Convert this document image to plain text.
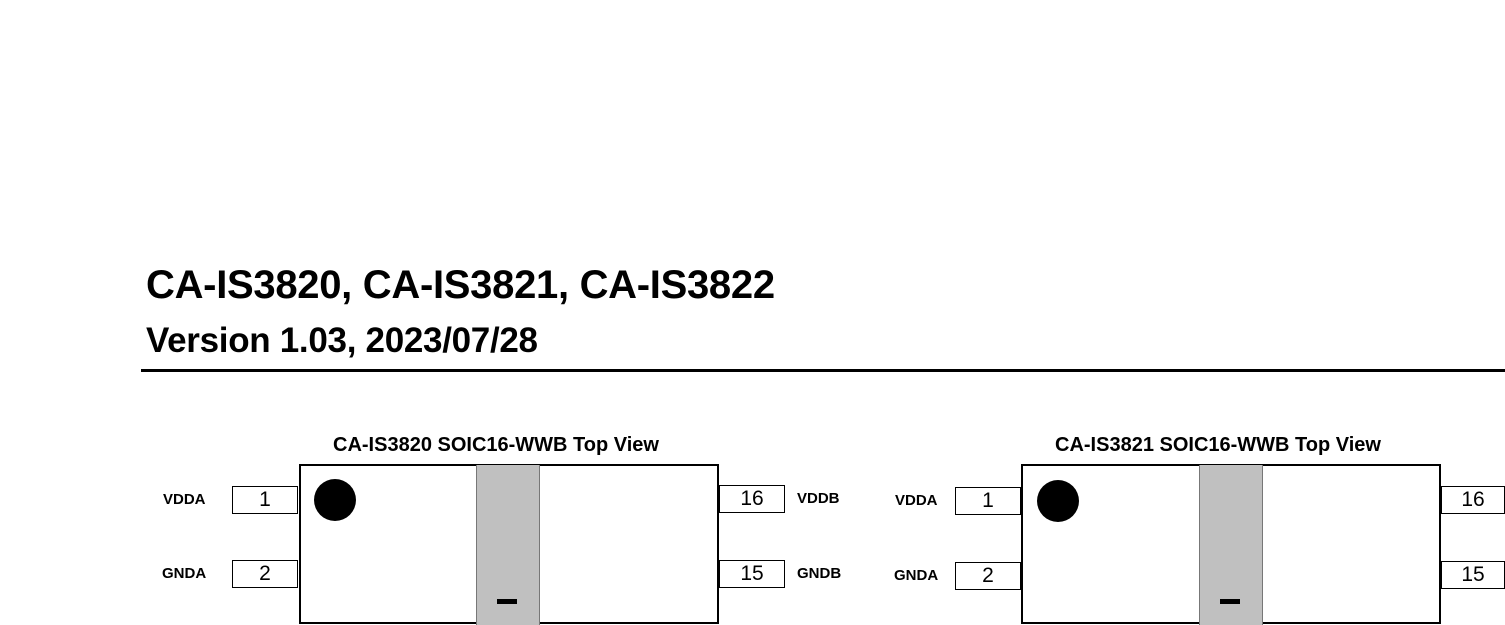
CA-IS3820, CA-IS3821, CA-IS3822
Version 1.03, 2023/07/28
CA-IS3820 SOIC16-WWB Top View
VDDA	1
GNDA	2
16	VDDB
15	GNDB
CA-IS3821 SOIC16-WWB Top View
VDDA	1
GNDA	2
16
15
